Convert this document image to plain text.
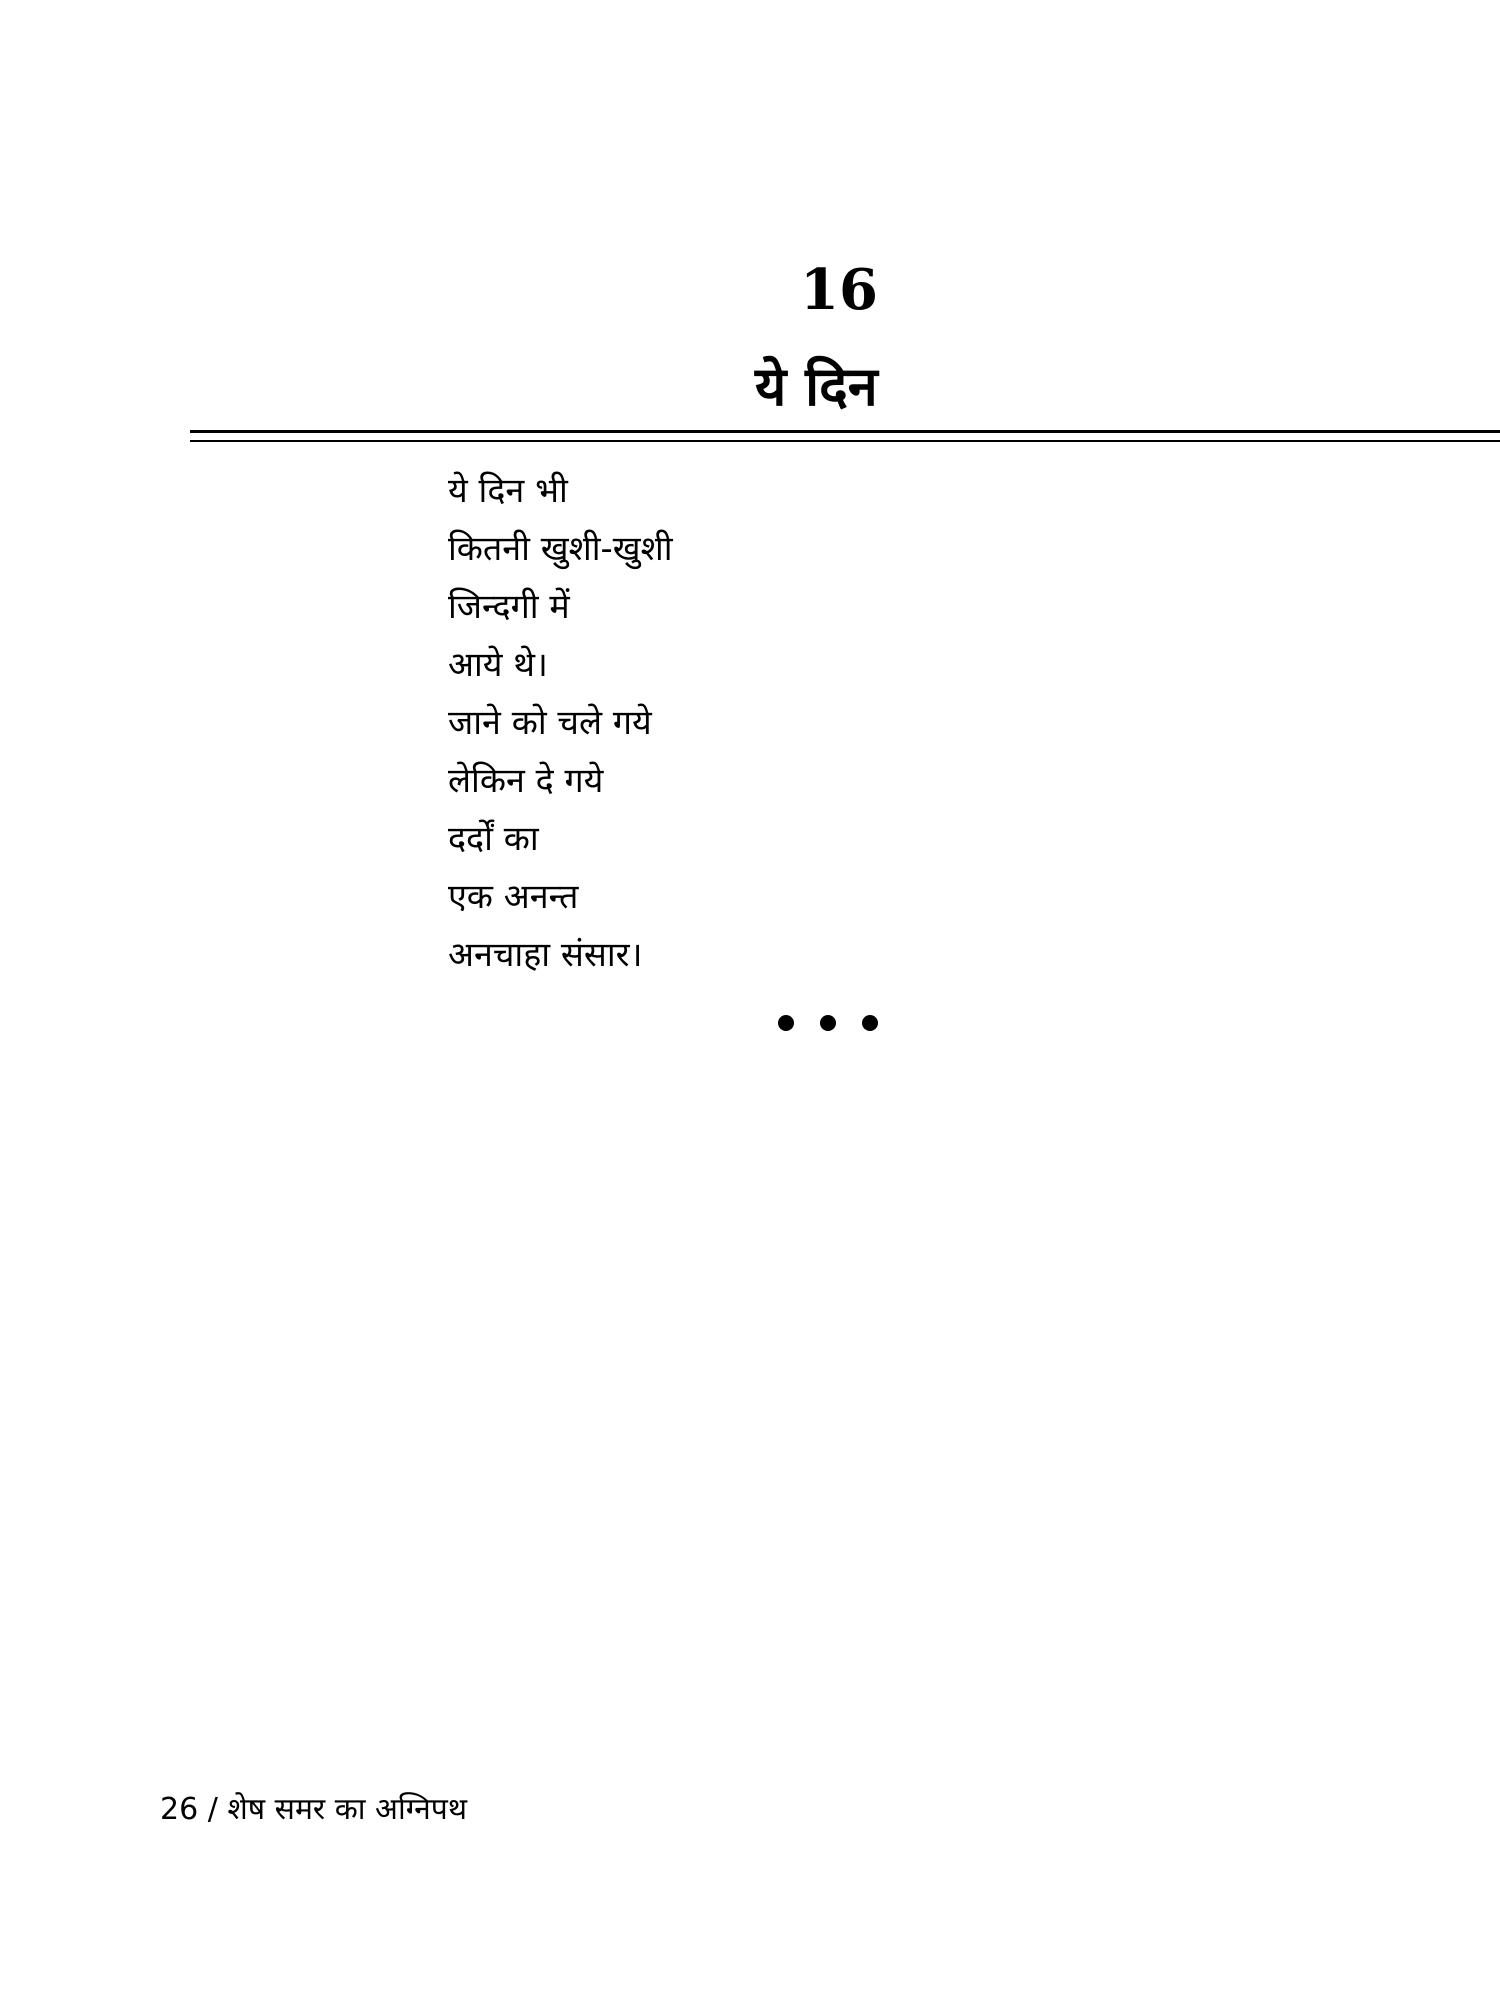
16
ये दिन
ये दिन भी
कितनी खुशी-खुशी
जिन्दगी में
आये थे।
जाने को चले गये
लेकिन दे गये
दर्दों का
एक अनन्त
अनचाहा संसार।
26 / शेष समर का अग्निपथ
